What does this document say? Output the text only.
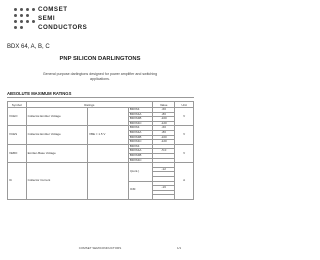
COMSET
SEMI
CONDUCTORS
BDX 64, A, B, C
PNP SILICON DARLINGTONS
General purpose darlingtons designed for power amplifier and switching applications.
ABSOLUTE MAXIMUM RATINGS
Symbol	Ratings			Value	Unit
VCEO	Collector-Emitter Voltage		BDX64	-60	V
			BDX64A	-80	
			BDX64B	-100	
			BDX64C	-120	
VCES	Collector-Emitter Voltage	VBE = 1.5 V	BDX64	-60	V
			BDX64A	-80	
			BDX64B	-100	
			BDX64C	-120	
VEBO	Emitter-Base Voltage		BDX64		V
			BDX64A	-5.0	
			BDX64B		
			BDX64C		
IC	Collector Current		I(cont.)		A
				-12	

			ICM		
				-16	

COMSET SEMICONDUCTORS	1/1
